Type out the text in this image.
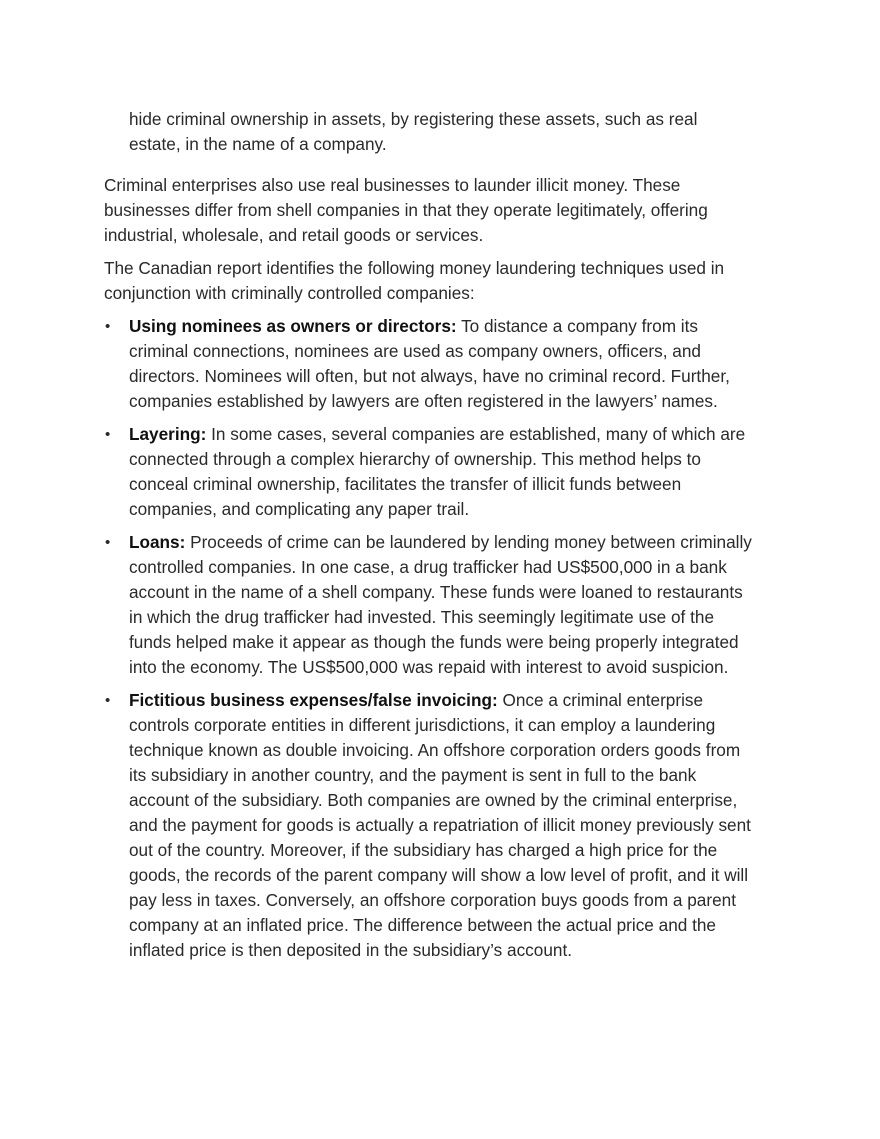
hide criminal ownership in assets, by registering these assets, such as real estate, in the name of a company.

Criminal enterprises also use real businesses to launder illicit money. These businesses differ from shell companies in that they operate legitimately, offering industrial, wholesale, and retail goods or services.

The Canadian report identifies the following money laundering techniques used in conjunction with criminally controlled companies:

• Using nominees as owners or directors: To distance a company from its criminal connections, nominees are used as company owners, officers, and directors. Nominees will often, but not always, have no criminal record. Further, companies established by lawyers are often registered in the lawyers’ names.
• Layering: In some cases, several companies are established, many of which are connected through a complex hierarchy of ownership. This method helps to conceal criminal ownership, facilitates the transfer of illicit funds between companies, and complicating any paper trail.
• Loans: Proceeds of crime can be laundered by lending money between criminally controlled companies. In one case, a drug trafficker had US$500,000 in a bank account in the name of a shell company. These funds were loaned to restaurants in which the drug trafficker had invested. This seemingly legitimate use of the funds helped make it appear as though the funds were being properly integrated into the economy. The US$500,000 was repaid with interest to avoid suspicion.
• Fictitious business expenses/false invoicing: Once a criminal enterprise controls corporate entities in different jurisdictions, it can employ a laundering technique known as double invoicing. An offshore corporation orders goods from its subsidiary in another country, and the payment is sent in full to the bank account of the subsidiary. Both companies are owned by the criminal enterprise, and the payment for goods is actually a repatriation of illicit money previously sent out of the country. Moreover, if the subsidiary has charged a high price for the goods, the records of the parent company will show a low level of profit, and it will pay less in taxes. Conversely, an offshore corporation buys goods from a parent company at an inflated price. The difference between the actual price and the inflated price is then deposited in the subsidiary’s account.
